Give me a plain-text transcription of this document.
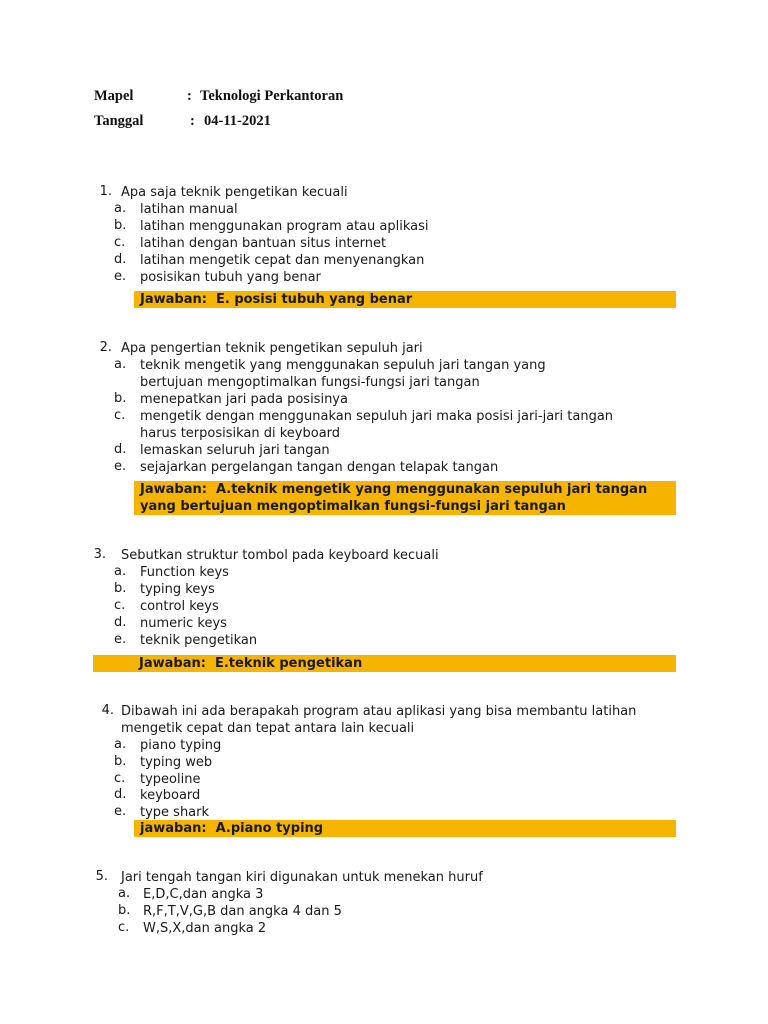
Mapel	: Teknologi Perkantoran
Tanggal	: 04-11-2021
1. Apa saja teknik pengetikan kecuali
a.	latihan manual
b.	latihan menggunakan program atau aplikasi
c.	latihan dengan bantuan situs internet
d.	latihan mengetik cepat dan menyenangkan
e.	posisikan tubuh yang benar
Jawaban:  E. posisi tubuh yang benar
2. Apa pengertian teknik pengetikan sepuluh jari
a.	teknik mengetik yang menggunakan sepuluh jari tangan yang bertujuan mengoptimalkan fungsi-fungsi jari tangan
b.	menepatkan jari pada posisinya
c.	mengetik dengan menggunakan sepuluh jari maka posisi jari-jari tangan harus terposisikan di keyboard
d.	lemaskan seluruh jari tangan
e.	sejajarkan pergelangan tangan dengan telapak tangan
Jawaban:  A.teknik mengetik yang menggunakan sepuluh jari tangan yang bertujuan mengoptimalkan fungsi-fungsi jari tangan
3. Sebutkan struktur tombol pada keyboard kecuali
a.	Function keys
b.	typing keys
c.	control keys
d.	numeric keys
e.	teknik pengetikan
Jawaban:  E.teknik pengetikan
4. Dibawah ini ada berapakah program atau aplikasi yang bisa membantu latihan mengetik cepat dan tepat antara lain kecuali
a.	piano typing
b.	typing web
c.	typeoline
d.	keyboard
e.	type shark
jawaban:  A.piano typing
5. Jari tengah tangan kiri digunakan untuk menekan huruf
a. E,D,C,dan angka 3
b. R,F,T,V,G,B dan angka 4 dan 5
c.	W,S,X,dan angka 2
